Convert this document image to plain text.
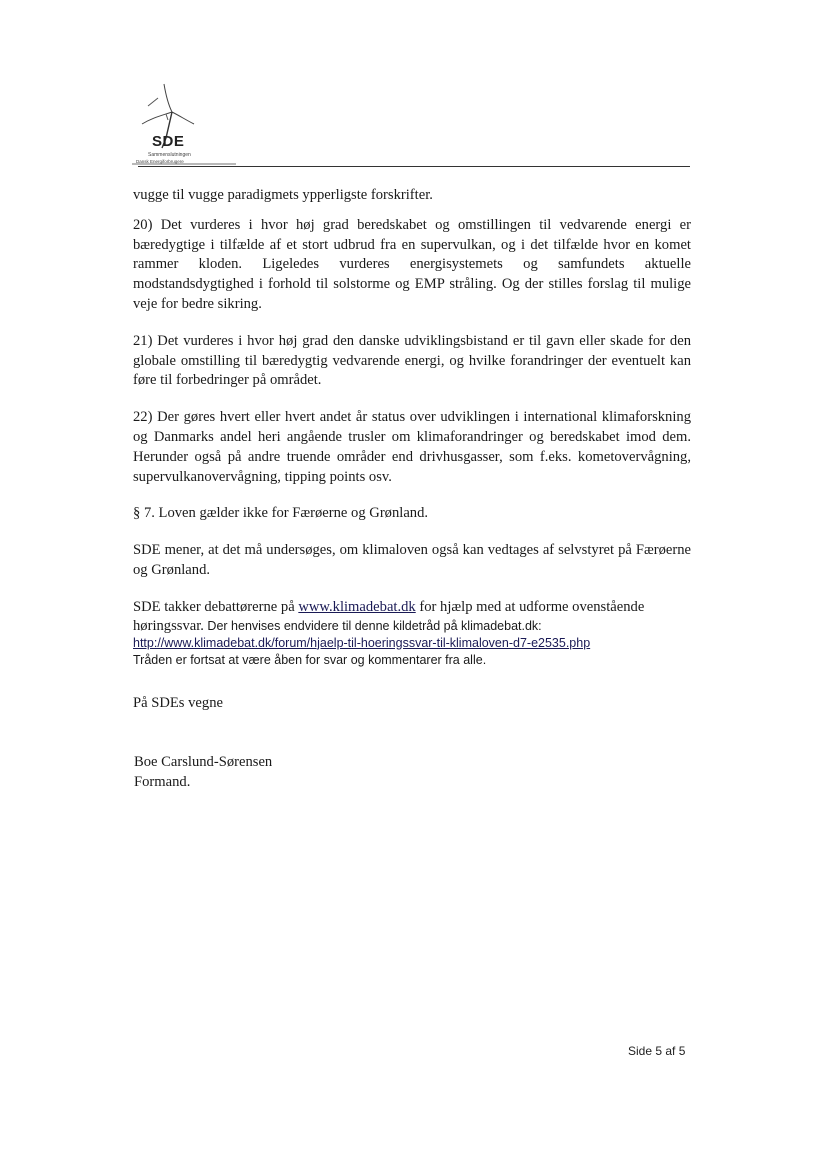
SDE
Sammenslutningen
Dansk Energiforbrugere

vugge til vugge paradigmets ypperligste forskrifter.

20) Det vurderes i hvor høj grad beredskabet og omstillingen til vedvarende energi er bæredygtige i tilfælde af et stort udbrud fra en supervulkan, og i det tilfælde hvor en komet rammer kloden. Ligeledes vurderes energisystemets og samfundets aktuelle modstandsdygtighed i forhold til solstorme og EMP stråling. Og der stilles forslag til mulige veje for bedre sikring.

21) Det vurderes i hvor høj grad den danske udviklingsbistand er til gavn eller skade for den globale omstilling til bæredygtig vedvarende energi, og hvilke forandringer der eventuelt kan føre til forbedringer på området.

22) Der gøres hvert eller hvert andet år status over udviklingen i international klimaforskning og Danmarks andel heri angående trusler om klimaforandringer og beredskabet imod dem. Herunder også på andre truende områder end drivhusgasser, som f.eks. kometovervågning, supervulkanovervågning, tipping points osv.

§ 7. Loven gælder ikke for Færøerne og Grønland.

SDE mener, at det må undersøges, om klimaloven også kan vedtages af selvstyret på Færøerne og Grønland.

SDE takker debattørerne på www.klimadebat.dk for hjælp med at udforme ovenstående

høringssvar. Der henvises endvidere til denne kildetråd på klimadebat.dk:
http://www.klimadebat.dk/forum/hjaelp-til-hoeringssvar-til-klimaloven-d7-e2535.php
Tråden er fortsat at være åben for svar og kommentarer fra alle.

På SDEs vegne

Boe Carslund-Sørensen
Formand.
Side 5 af 5
